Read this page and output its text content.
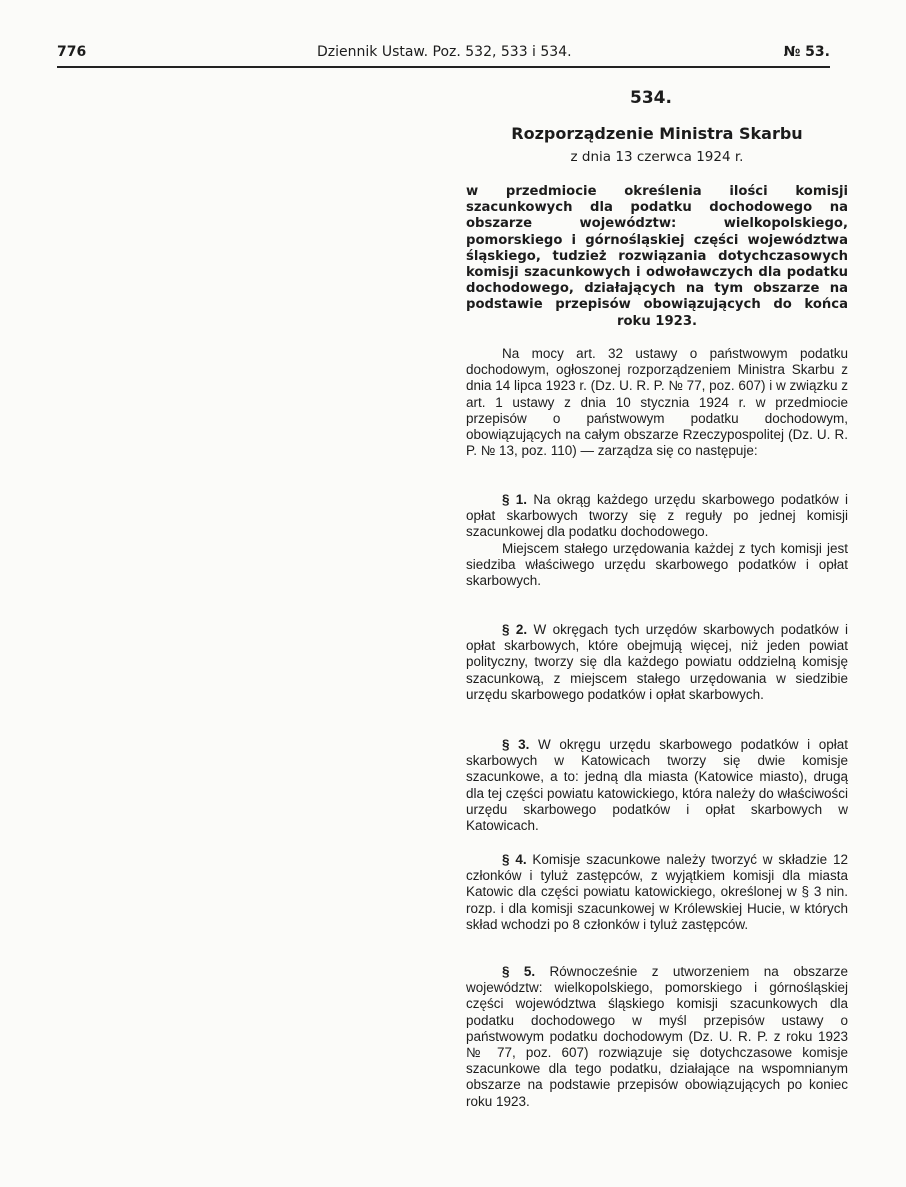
776	Dziennik Ustaw. Poz. 532, 533 i 534.	№ 53.
534.
Rozporządzenie Ministra Skarbu
z dnia 13 czerwca 1924 r.
w przedmiocie określenia ilości komisji szacunkowych dla podatku dochodowego na obszarze województw: wielkopolskiego, pomorskiego i górnośląskiej części województwa śląskiego, tudzież rozwiązania dotychczasowych komisji szacunkowych i odwoławczych dla podatku dochodowego, działających na tym obszarze na podstawie przepisów obowiązujących do końca roku 1923.

Na mocy art. 32 ustawy o państwowym podatku dochodowym, ogłoszonej rozporządzeniem Ministra Skarbu z dnia 14 lipca 1923 r. (Dz. U. R. P. № 77, poz. 607) i w związku z art. 1 ustawy z dnia 10 stycznia 1924 r. w przedmiocie przepisów o państwowym podatku dochodowym, obowiązujących na całym obszarze Rzeczypospolitej (Dz. U. R. P. № 13, poz. 110) — zarządza się co następuje:

§ 1. Na okrąg każdego urzędu skarbowego podatków i opłat skarbowych tworzy się z reguły po jednej komisji szacunkowej dla podatku dochodowego.
Miejscem stałego urzędowania każdej z tych komisji jest siedziba właściwego urzędu skarbowego podatków i opłat skarbowych.

§ 2. W okręgach tych urzędów skarbowych podatków i opłat skarbowych, które obejmują więcej, niż jeden powiat polityczny, tworzy się dla każdego powiatu oddzielną komisję szacunkową, z miejscem stałego urzędowania w siedzibie urzędu skarbowego podatków i opłat skarbowych.

§ 3. W okręgu urzędu skarbowego podatków i opłat skarbowych w Katowicach tworzy się dwie komisje szacunkowe, a to: jedną dla miasta (Katowice miasto), drugą dla tej części powiatu katowickiego, która należy do właściwości urzędu skarbowego podatków i opłat skarbowych w Katowicach.

§ 4. Komisje szacunkowe należy tworzyć w składzie 12 członków i tyluż zastępców, z wyjątkiem komisji dla miasta Katowic dla części powiatu katowickiego, określonej w § 3 nin. rozp. i dla komisji szacunkowej w Królewskiej Hucie, w których skład wchodzi po 8 członków i tyluż zastępców.

§ 5. Równocześnie z utworzeniem na obszarze województw: wielkopolskiego, pomorskiego i górnośląskiej części województwa śląskiego komisji szacunkowych dla podatku dochodowego w myśl przepisów ustawy o państwowym podatku dochodowym (Dz. U. R. P. z roku 1923 № 77, poz. 607) rozwiązuje się dotychczasowe komisje szacunkowe dla tego podatku, działające na wspomnianym obszarze na podstawie przepisów obowiązujących po koniec roku 1923.
